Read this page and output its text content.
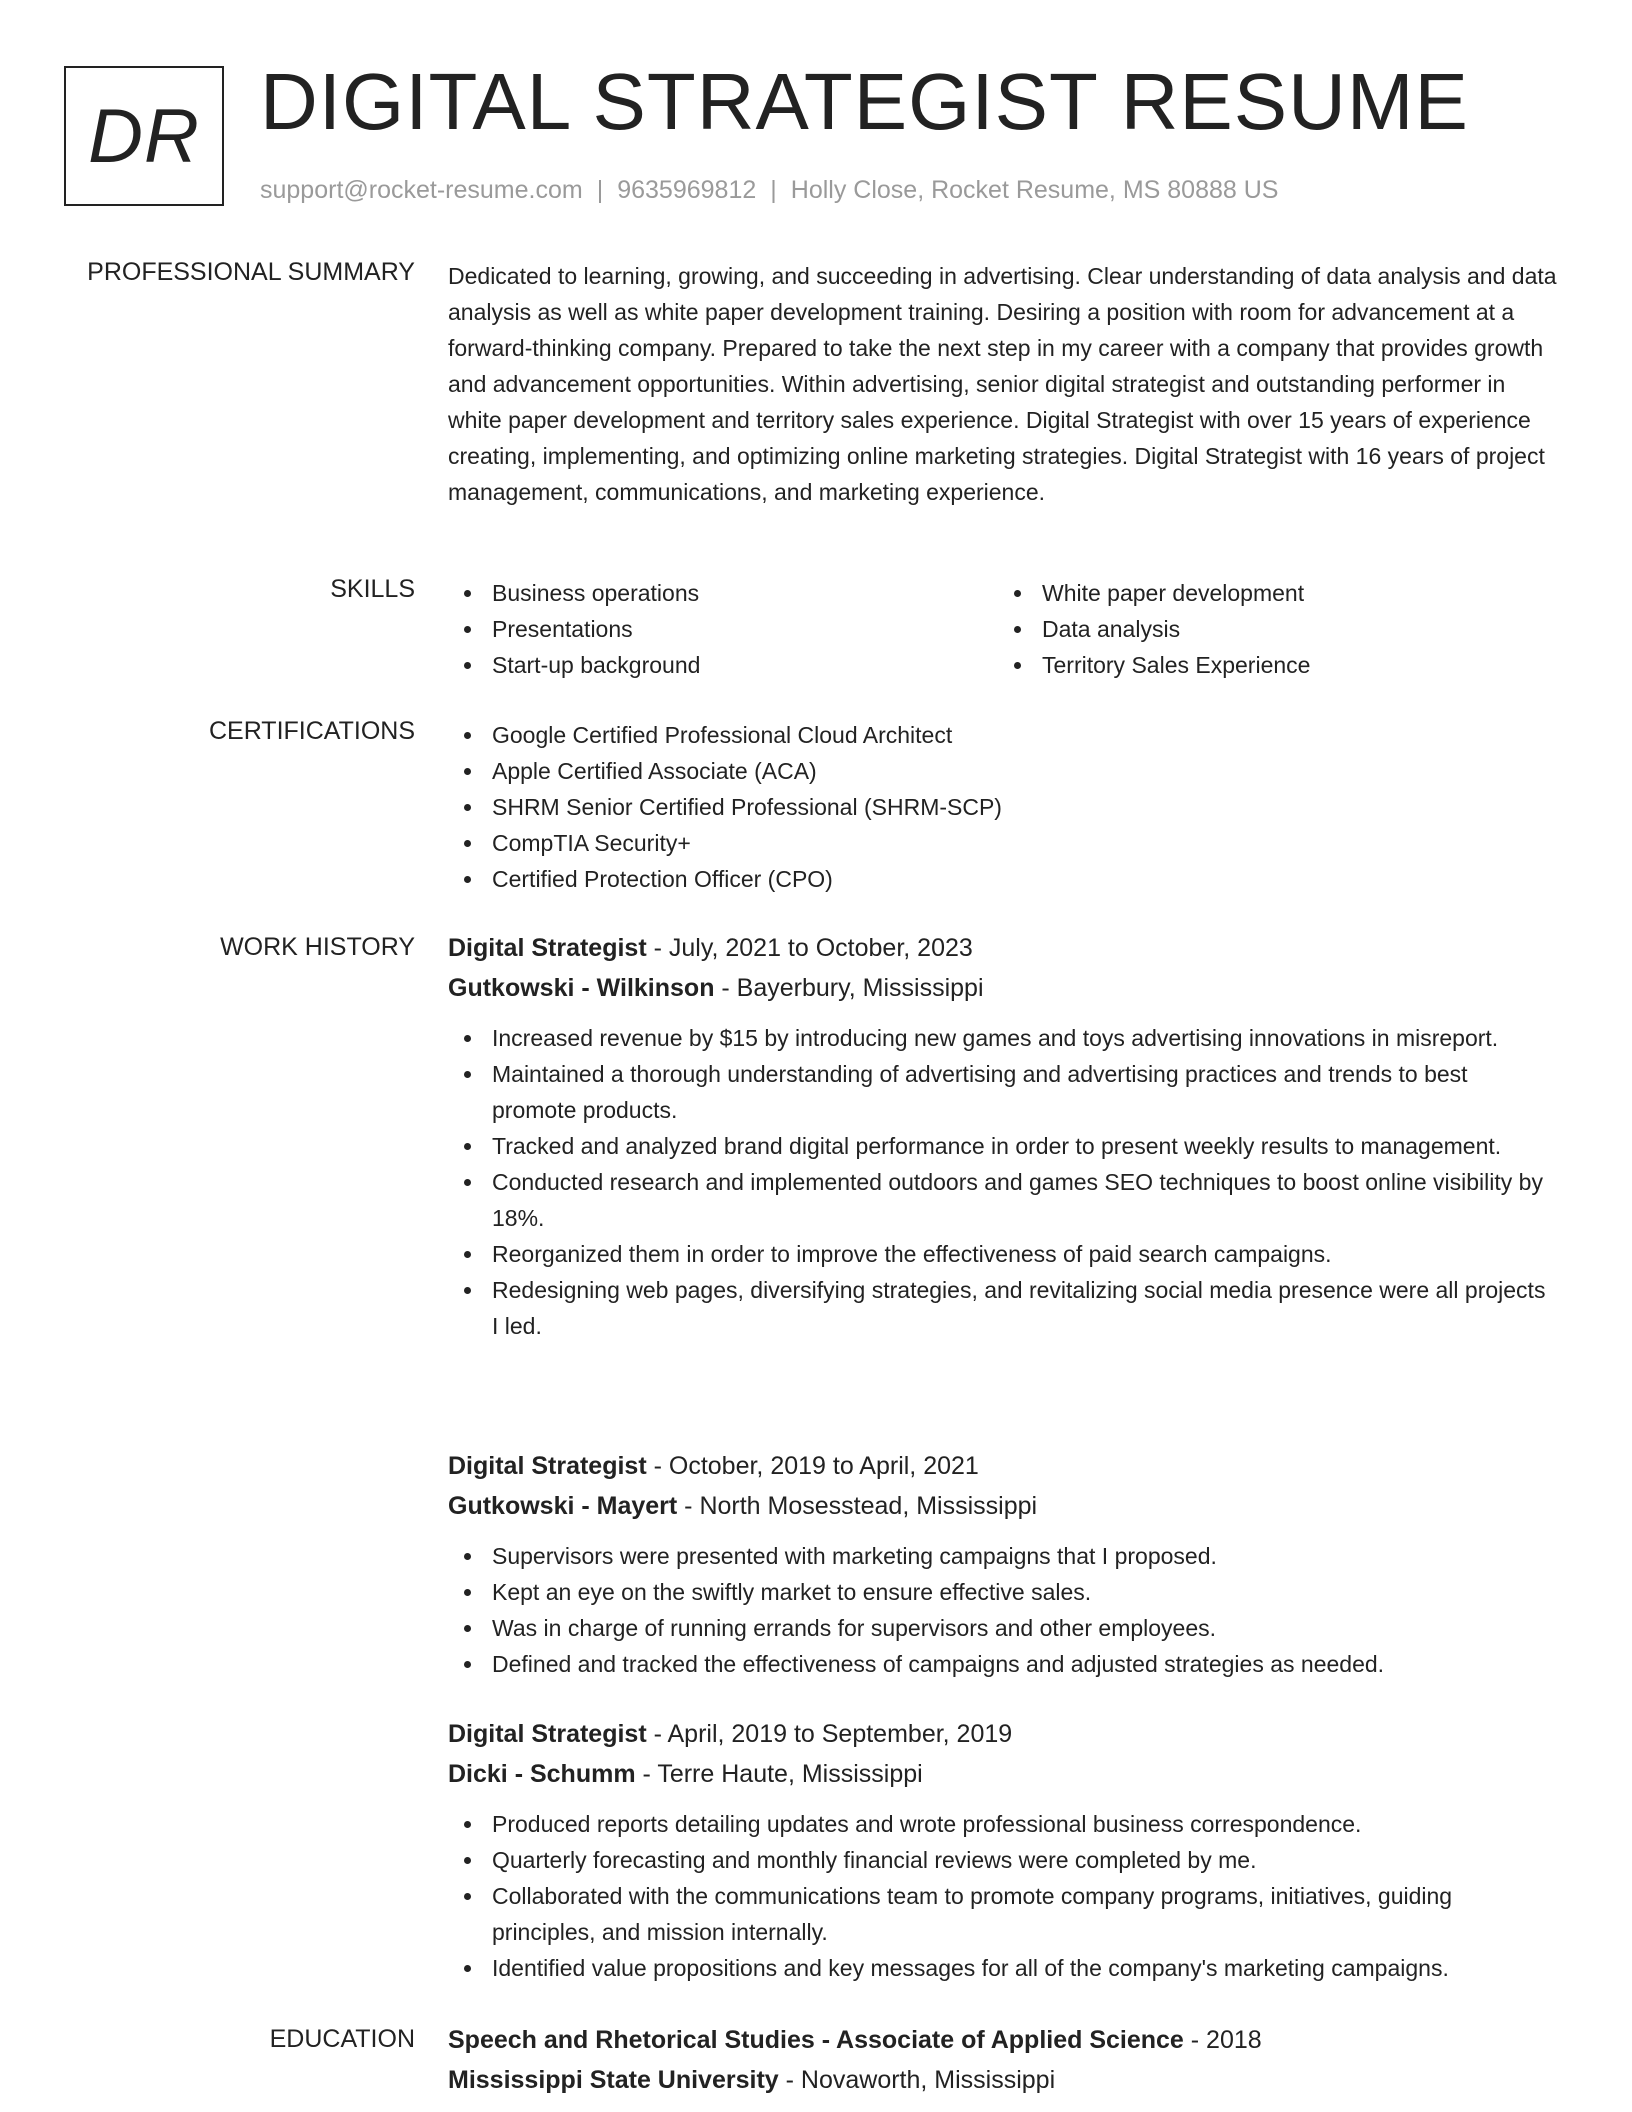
DR DIGITAL STRATEGIST RESUME
support@rocket-resume.com | 9635969812 | Holly Close, Rocket Resume, MS 80888 US
PROFESSIONAL SUMMARY Dedicated to learning, growing, and succeeding in advertising. Clear understanding of data analysis and data analysis as well as white paper development training. Desiring a position with room for advancement at a forward-thinking company. Prepared to take the next step in my career with a company that provides growth and advancement opportunities. Within advertising, senior digital strategist and outstanding performer in white paper development and territory sales experience. Digital Strategist with over 15 years of experience creating, implementing, and optimizing online marketing strategies. Digital Strategist with 16 years of project management, communications, and marketing experience.

SKILLS	Business operations
Presentations
Start-up background
White paper development
Data analysis
Territory Sales Experience
CERTIFICATIONS	Google Certified Professional Cloud Architect
Apple Certified Associate (ACA)
SHRM Senior Certified Professional (SHRM-SCP)
CompTIA Security+
Certified Protection Officer (CPO)
WORK HISTORY Digital Strategist - July, 2021 to October, 2023
Gutkowski - Wilkinson - Bayerbury, Mississippi
Increased revenue by $15 by introducing new games and toys advertising innovations in misreport.
Maintained a thorough understanding of advertising and advertising practices and trends to best promote products.
Tracked and analyzed brand digital performance in order to present weekly results to management.
Conducted research and implemented outdoors and games SEO techniques to boost online visibility by 18%.
Reorganized them in order to improve the effectiveness of paid search campaigns.
Redesigning web pages, diversifying strategies, and revitalizing social media presence were all projects I led.
Digital Strategist - October, 2019 to April, 2021
Gutkowski - Mayert - North Mosesstead, Mississippi
Supervisors were presented with marketing campaigns that I proposed.
Kept an eye on the swiftly market to ensure effective sales.
Was in charge of running errands for supervisors and other employees.
Defined and tracked the effectiveness of campaigns and adjusted strategies as needed.
Digital Strategist - April, 2019 to September, 2019
Dicki - Schumm - Terre Haute, Mississippi
Produced reports detailing updates and wrote professional business correspondence.
Quarterly forecasting and monthly financial reviews were completed by me.
Collaborated with the communications team to promote company programs, initiatives, guiding principles, and mission internally.
Identified value propositions and key messages for all of the company's marketing campaigns.
EDUCATION Speech and Rhetorical Studies - Associate of Applied Science - 2018
Mississippi State University - Novaworth, Mississippi
